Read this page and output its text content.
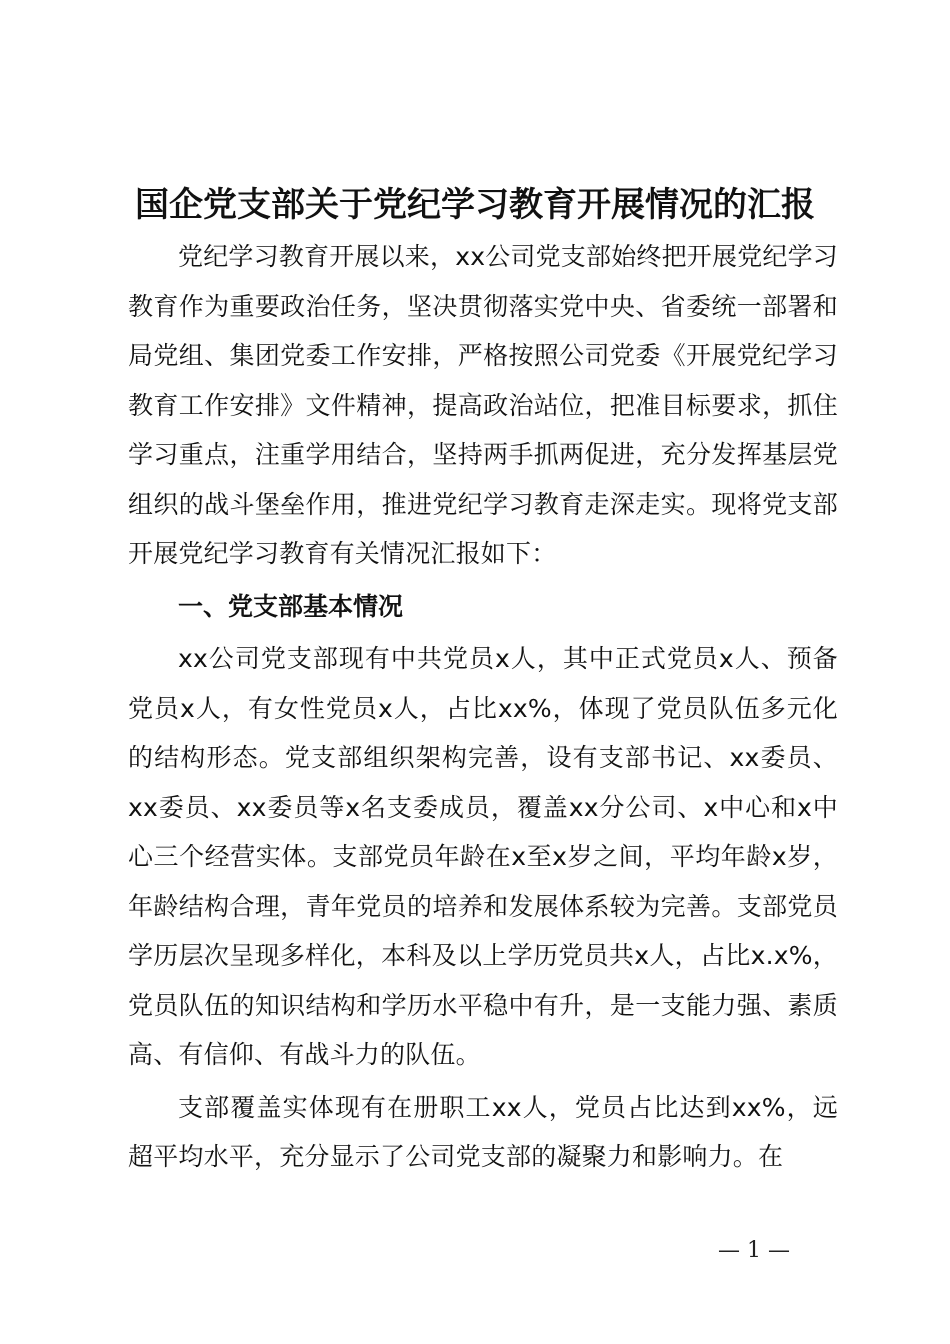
国企党支部关于党纪学习教育开展情况的汇报

党纪学习教育开展以来，xx公司党支部始终把开展党纪学习教育作为重要政治任务，坚决贯彻落实党中央、省委统一部署和局党组、集团党委工作安排，严格按照公司党委《开展党纪学习教育工作安排》文件精神，提高政治站位，把准目标要求，抓住学习重点，注重学用结合，坚持两手抓两促进，充分发挥基层党组织的战斗堡垒作用，推进党纪学习教育走深走实。现将党支部开展党纪学习教育有关情况汇报如下：

一、党支部基本情况

xx公司党支部现有中共党员x人，其中正式党员x人、预备党员x人，有女性党员x人，占比xx%，体现了党员队伍多元化的结构形态。党支部组织架构完善，设有支部书记、xx委员、xx委员、xx委员等x名支委成员，覆盖xx分公司、x中心和x中心三个经营实体。支部党员年龄在x至x岁之间，平均年龄x岁，年龄结构合理，青年党员的培养和发展体系较为完善。支部党员学历层次呈现多样化，本科及以上学历党员共x人，占比x.x%，党员队伍的知识结构和学历水平稳中有升，是一支能力强、素质高、有信仰、有战斗力的队伍。

支部覆盖实体现有在册职工xx人，党员占比达到xx%，远超平均水平，充分显示了公司党支部的凝聚力和影响力。在

— 1 —
